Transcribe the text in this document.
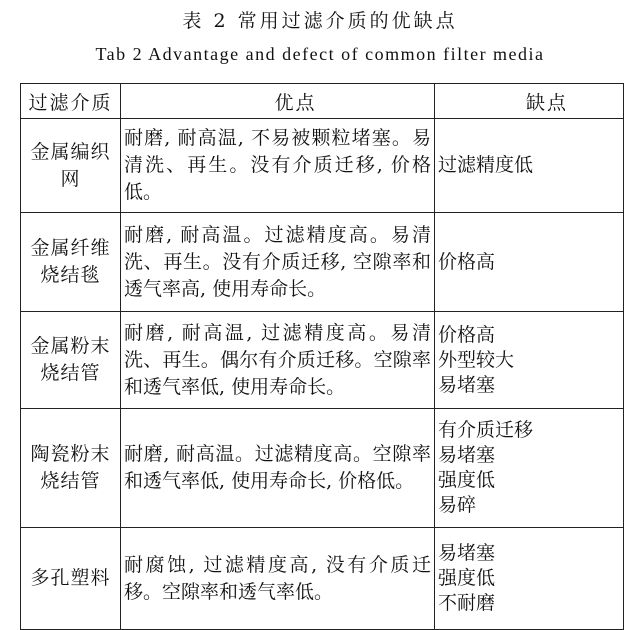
表 2 常用过滤介质的优缺点
Tab 2 Advantage and defect of common filter media
过滤介质	优点	缺点
金属编织网	耐磨, 耐高温, 不易被颗粒堵塞。易清洗、再生。没有介质迁移, 价格低。	过滤精度低

金属纤维烧结毯	耐磨, 耐高温。过滤精度高。易清洗、再生。没有介质迁移, 空隙率和透气率高, 使用寿命长。	价格高

金属粉末烧结管	耐磨, 耐高温, 过滤精度高。易清洗、再生。偶尔有介质迁移。空隙率和透气率低, 使用寿命长。	价格高
外型较大
易堵塞

陶瓷粉末烧结管	耐磨, 耐高温。过滤精度高。空隙率和透气率低, 使用寿命长, 价格低。	有介质迁移
易堵塞
强度低
易碎

多孔塑料	耐腐蚀, 过滤精度高, 没有介质迁移。空隙率和透气率低。	易堵塞
强度低
不耐磨
